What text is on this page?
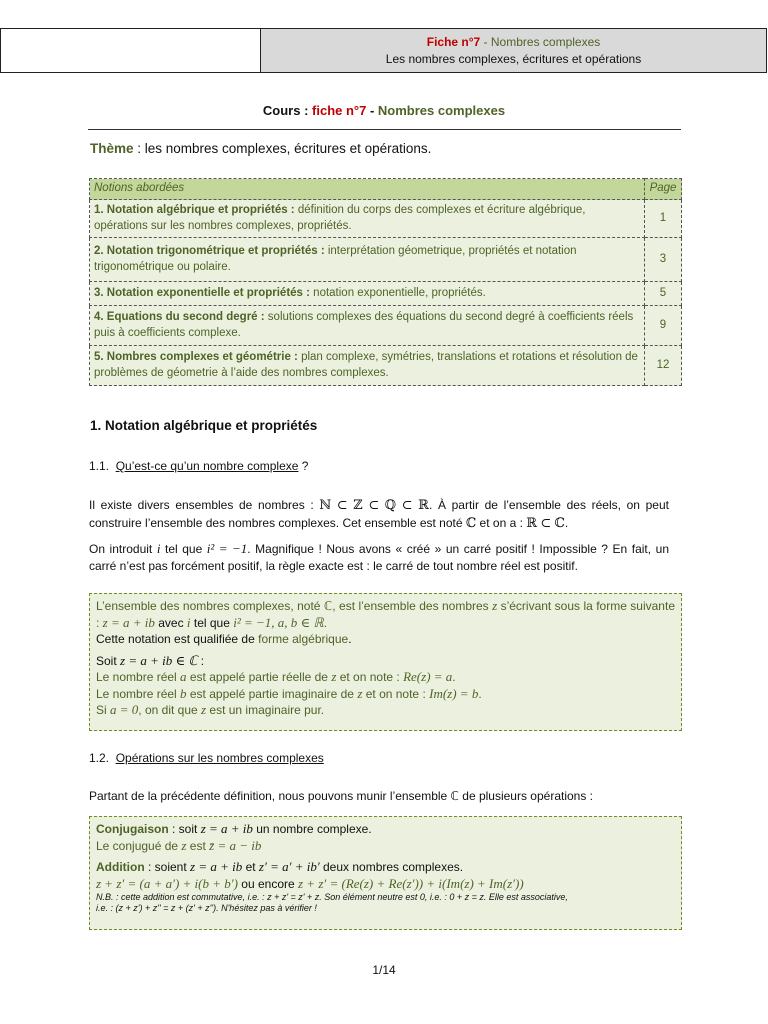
Fiche n°7 - Nombres complexes
Les nombres complexes, écritures et opérations
Cours : fiche n°7 - Nombres complexes
Thème : les nombres complexes, écritures et opérations.
Notions abordées	Page
1. Notation algébrique et propriétés : définition du corps des complexes et écriture algébrique, opérations sur les nombres complexes, propriétés.	1
2. Notation trigonométrique et propriétés : interprétation géometrique, propriétés et notation trigonométrique ou polaire.	3
3. Notation exponentielle et propriétés : notation exponentielle, propriétés.	5
4. Equations du second degré : solutions complexes des équations du second degré à coefficients réels puis à coefficients complexe.	9
5. Nombres complexes et géométrie : plan complexe, symétries, translations et rotations et résolution de problèmes de géometrie à l’aide des nombres complexes.	12
1. Notation algébrique et propriétés
1.1. Qu’est-ce qu’un nombre complexe ?
Il existe divers ensembles de nombres : ℕ ⊂ ℤ ⊂ ℚ ⊂ ℝ. À partir de l’ensemble des réels, on peut construire l’ensemble des nombres complexes. Cet ensemble est noté ℂ et on a : ℝ ⊂ ℂ.
On introduit i tel que i² = −1. Magnifique ! Nous avons « créé » un carré positif ! Impossible ? En fait, un carré n’est pas forcément positif, la règle exacte est : le carré de tout nombre réel est positif.
L’ensemble des nombres complexes, noté ℂ, est l’ensemble des nombres z s’écrivant sous la forme suivante : z = a + ib avec i tel que i² = −1, a, b ∈ ℝ.
Cette notation est qualifiée de forme algébrique.
Soit z = a + ib ∈ ℂ :
Le nombre réel a est appelé partie réelle de z et on note : Re(z) = a.
Le nombre réel b est appelé partie imaginaire de z et on note : Im(z) = b.
Si a = 0, on dit que z est un imaginaire pur.
1.2. Opérations sur les nombres complexes
Partant de la précédente définition, nous pouvons munir l’ensemble ℂ de plusieurs opérations :
Conjugaison : soit z = a + ib un nombre complexe.
Le conjugué de z est z̄ = a − ib
Addition : soient z = a + ib et z′ = a′ + ib′ deux nombres complexes.
z + z′ = (a + a′) + i(b + b′) ou encore z + z′ = (Re(z) + Re(z′)) + i(Im(z) + Im(z′))
N.B. : cette addition est commutative, i.e. : z + z' = z' + z. Son élément neutre est 0, i.e. : 0 + z = z. Elle est associative,
i.e. : (z + z') + z'' = z + (z' + z''). N'hésitez pas à vérifier !
1/14
